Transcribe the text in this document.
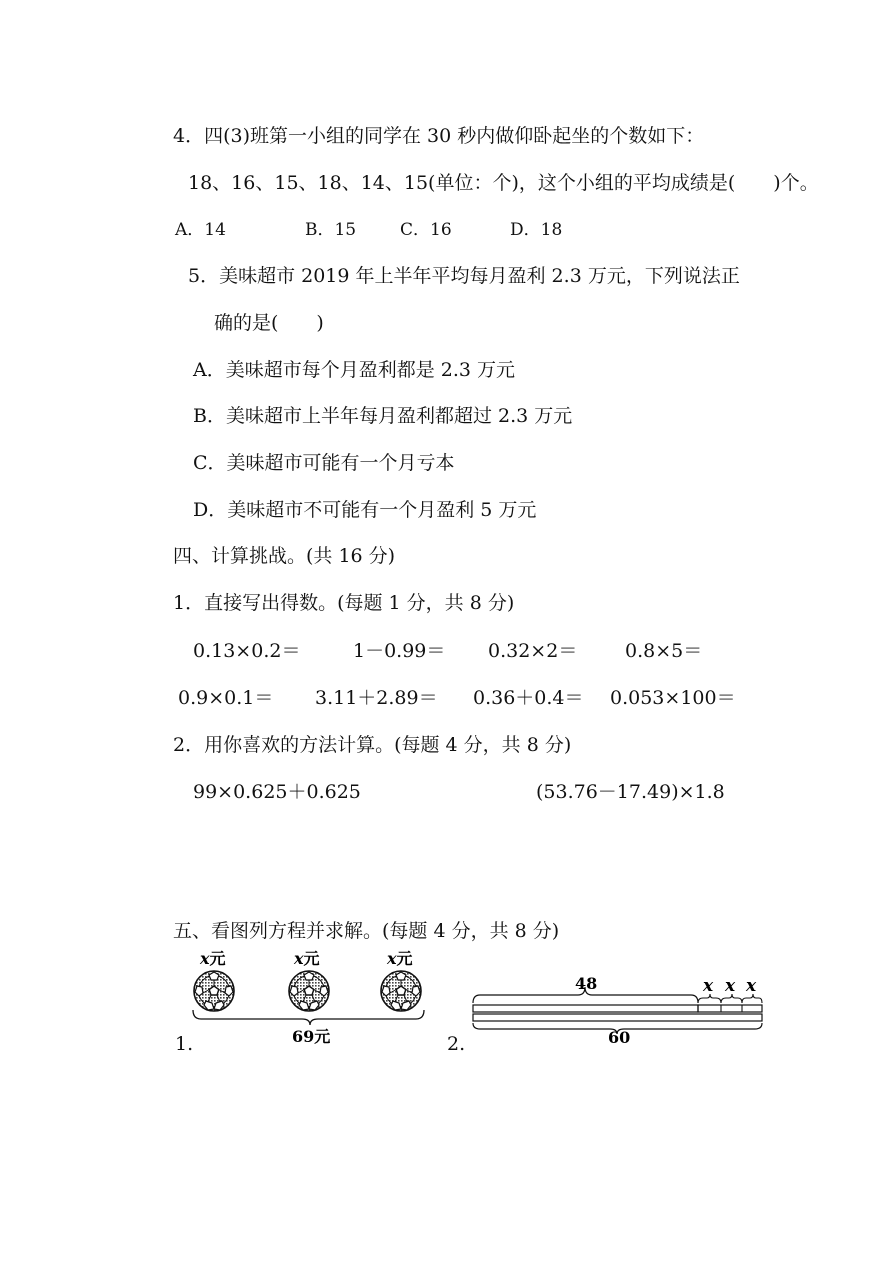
4．四(3)班第一小组的同学在 30 秒内做仰卧起坐的个数如下：
18、16、15、18、14、15(单位：个)，这个小组的平均成绩是(　　)个。
A．14	B．15	C．16	D．18
5．美味超市 2019 年上半年平均每月盈利 2.3 万元，下列说法正
确的是(　　)
A．美味超市每个月盈利都是 2.3 万元
B．美味超市上半年每月盈利都超过 2.3 万元
C．美味超市可能有一个月亏本
D．美味超市不可能有一个月盈利 5 万元
四、计算挑战。(共 16 分)
1．直接写出得数。(每题 1 分，共 8 分)
0.13×0.2＝	1－0.99＝ 0.32×2＝	0.8×5＝
0.9×0.1＝ 3.11＋2.89＝ 0.36＋0.4＝ 0.053×100＝
2．用你喜欢的方法计算。(每题 4 分，共 8 分)
99×0.625＋0.625	(53.76－17.49)×1.8
五、看图列方程并求解。(每题 4 分，共 8 分)
x元	x元	x元
69元
48	x x x
60
1.	2.
